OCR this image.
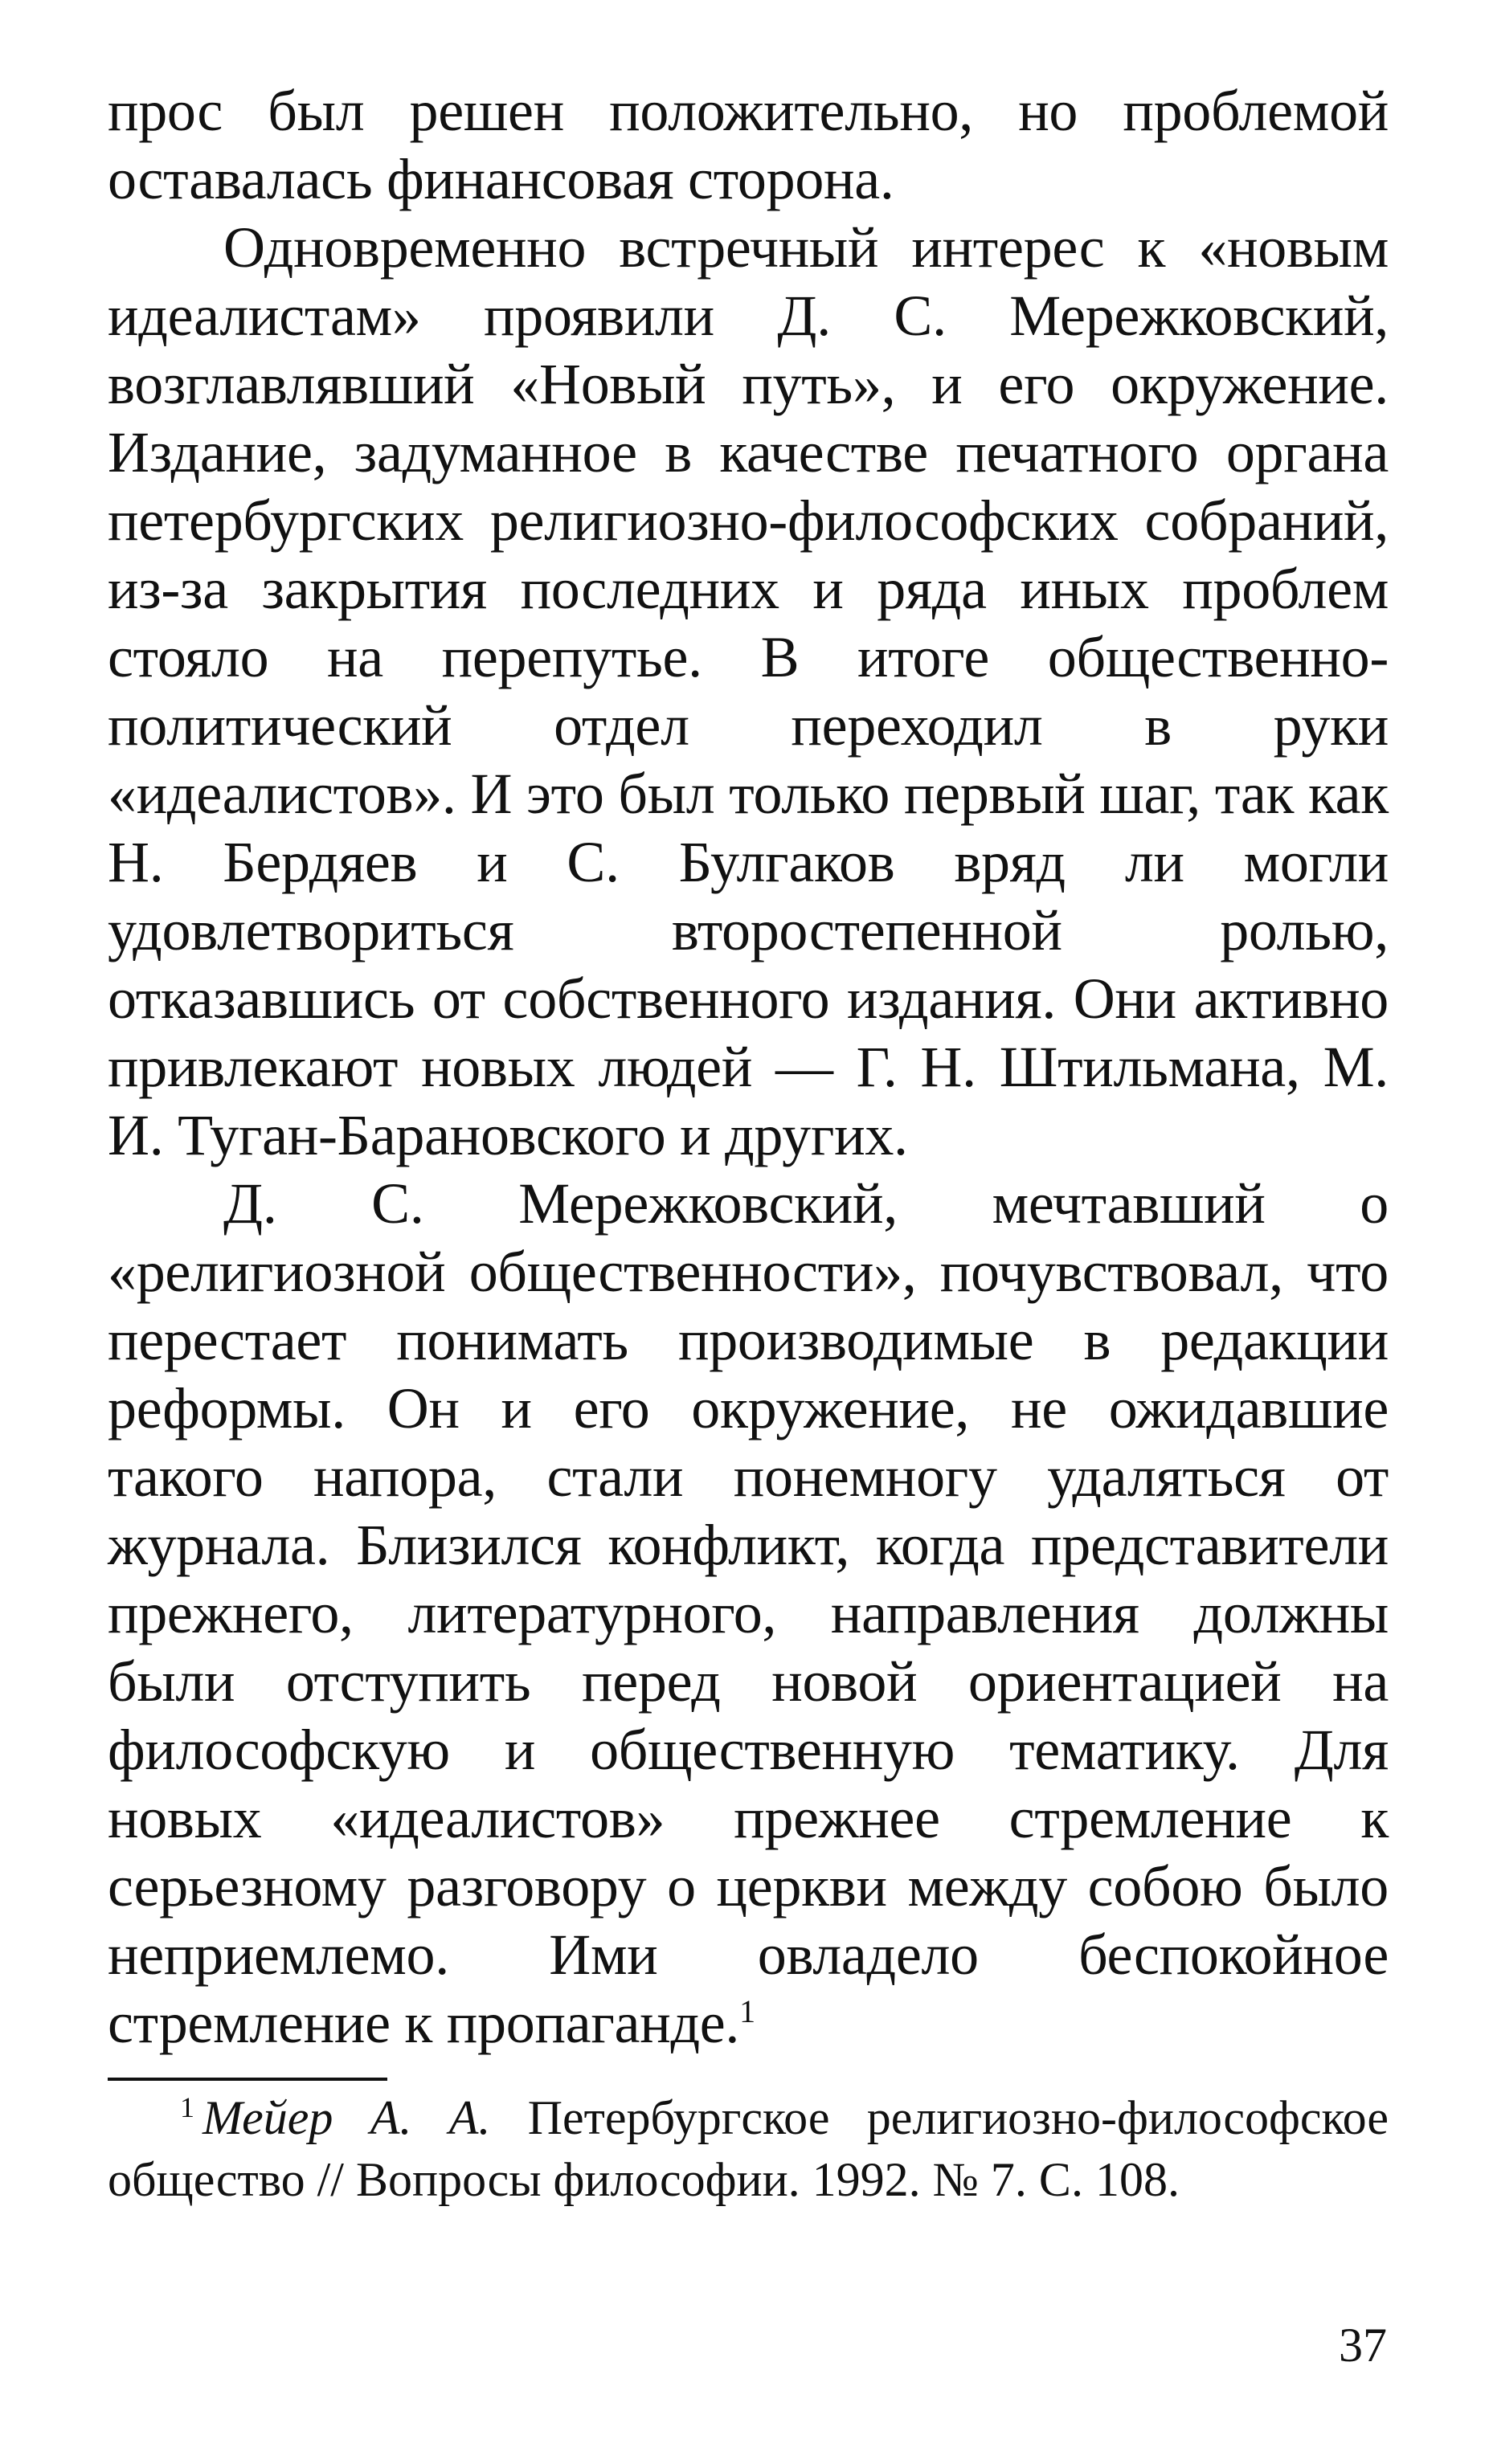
прос был решен положительно, но проблемой оставалась финансовая сторона.

Одновременно встречный интерес к «новым идеалистам» проявили Д. С. Мережковский, возглавлявший «Новый путь», и его окружение. Издание, задуманное в качестве печатного органа петербургских религиозно-философских собраний, из-за закрытия последних и ряда иных проблем стояло на перепутье. В итоге общественно-политический отдел переходил в руки «идеалистов». И это был только первый шаг, так как Н. Бердяев и С. Булгаков вряд ли могли удовлетвориться второстепенной ролью, отказавшись от собственного издания. Они активно привлекают новых людей — Г. Н. Штильмана, М. И. Туган-Барановского и других.

Д. С. Мережковский, мечтавший о «религиозной общественности», почувствовал, что перестает понимать производимые в редакции реформы. Он и его окружение, не ожидавшие такого напора, стали понемногу удаляться от журнала. Близился конфликт, когда представители прежнего, литературного, направления должны были отступить перед новой ориентацией на философскую и общественную тематику. Для новых «идеалистов» прежнее стремление к серьезному разговору о церкви между собою было неприемлемо. Ими овладело беспокойное стремление к пропаганде.$^1$

$^1$ Мейер А. А. Петербургское религиозно-философское общество // Вопросы философии. 1992. № 7. С. 108.

37
